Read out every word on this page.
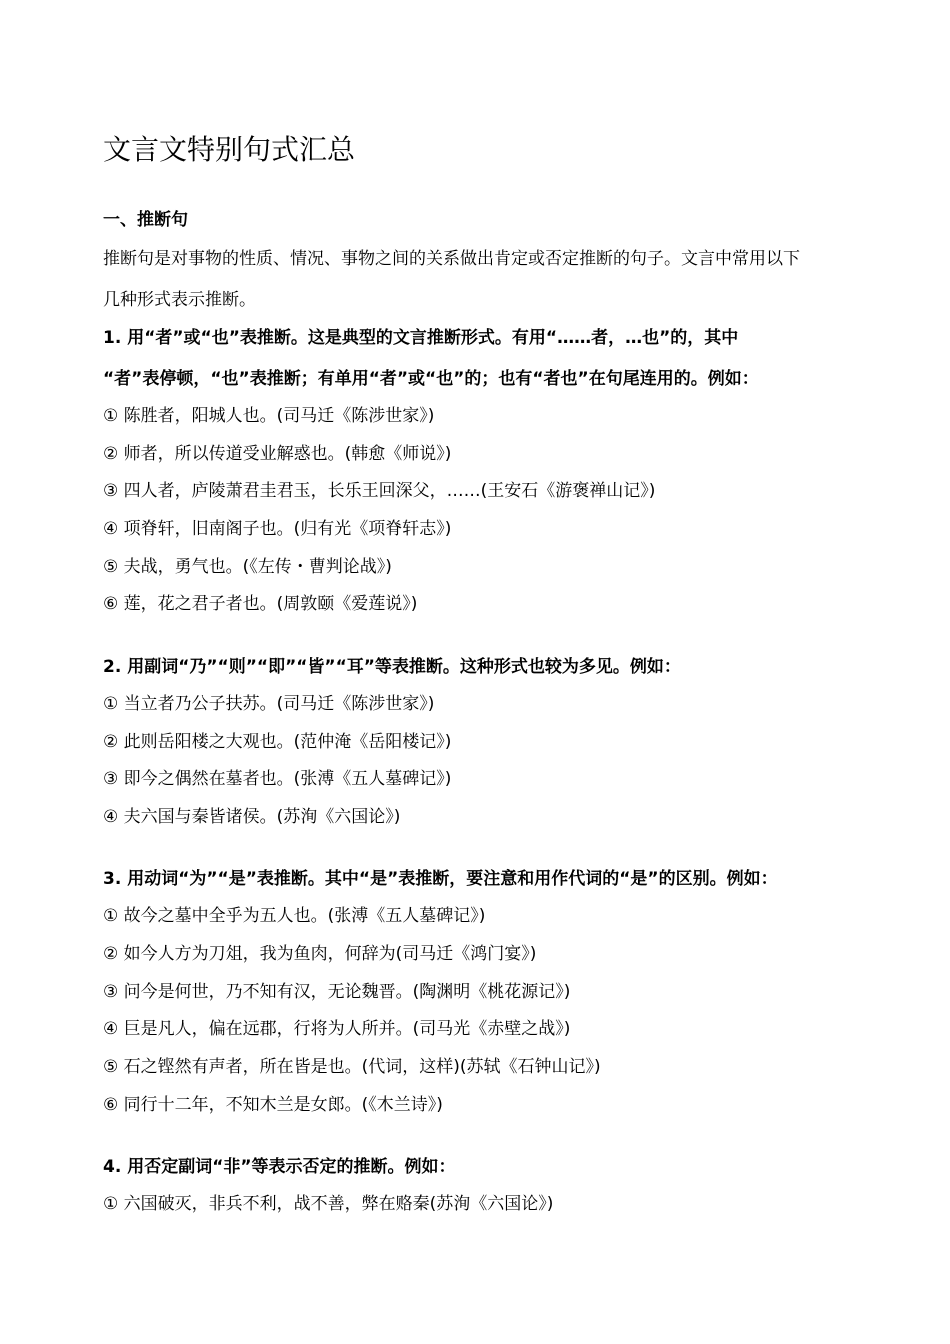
文言文特别句式汇总
一、推断句
推断句是对事物的性质、情况、事物之间的关系做出肯定或否定推断的句子。文言中常用以下
几种形式表示推断。
1. 用“者”或“也”表推断。这是典型的文言推断形式。有用“……者，…也”的，其中
“者”表停顿，“也”表推断；有单用“者”或“也”的；也有“者也”在句尾连用的。例如：
① 陈胜者，阳城人也。(司马迁《陈涉世家》)
② 师者，所以传道受业解惑也。(韩愈《师说》)
③ 四人者，庐陵萧君圭君玉，长乐王回深父，……(王安石《游褒禅山记》)
④ 项脊轩，旧南阁子也。(归有光《项脊轩志》)
⑤ 夫战，勇气也。(《左传・曹判论战》)
⑥ 莲，花之君子者也。(周敦颐《爱莲说》)
2. 用副词“乃”“则”“即”“皆”“耳”等表推断。这种形式也较为多见。例如：
① 当立者乃公子扶苏。(司马迁《陈涉世家》)
② 此则岳阳楼之大观也。(范仲淹《岳阳楼记》)
③ 即今之偶然在墓者也。(张溥《五人墓碑记》)
④ 夫六国与秦皆诸侯。(苏洵《六国论》)
3. 用动词“为”“是”表推断。其中“是”表推断，要注意和用作代词的“是”的区别。例如：
① 故今之墓中全乎为五人也。(张溥《五人墓碑记》)
② 如今人方为刀俎，我为鱼肉，何辞为(司马迁《鸿门宴》)
③ 问今是何世，乃不知有汉，无论魏晋。(陶渊明《桃花源记》)
④ 巨是凡人，偏在远郡，行将为人所并。(司马光《赤壁之战》)
⑤ 石之铿然有声者，所在皆是也。(代词，这样)(苏轼《石钟山记》)
⑥ 同行十二年，不知木兰是女郎。(《木兰诗》)
4. 用否定副词“非”等表示否定的推断。例如：
① 六国破灭，非兵不利，战不善，弊在赂秦(苏洵《六国论》)
